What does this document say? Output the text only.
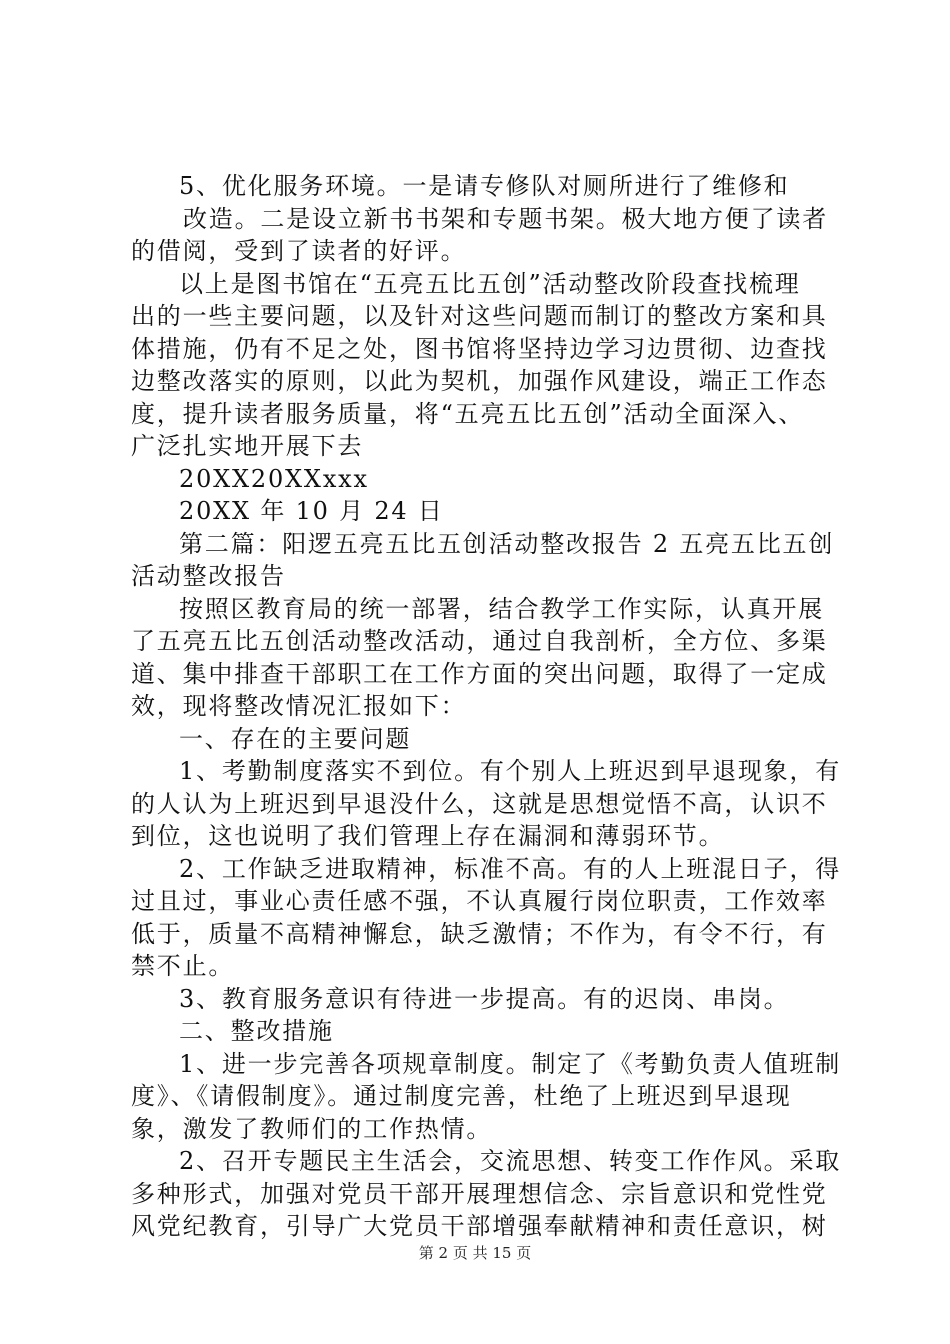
5、优化服务环境。一是请专修队对厕所进行了维修和
改造。二是设立新书书架和专题书架。极大地方便了读者
的借阅，受到了读者的好评。
以上是图书馆在“五亮五比五创”活动整改阶段查找梳理
出的一些主要问题，以及针对这些问题而制订的整改方案和具
体措施，仍有不足之处，图书馆将坚持边学习边贯彻、边查找
边整改落实的原则，以此为契机，加强作风建设，端正工作态
度，提升读者服务质量，将“五亮五比五创”活动全面深入、
广泛扎实地开展下去
20XX20XXxxx
20XX 年 10 月 24 日
第二篇：阳逻五亮五比五创活动整改报告 2 五亮五比五创
活动整改报告
按照区教育局的统一部署，结合教学工作实际，认真开展
了五亮五比五创活动整改活动，通过自我剖析，全方位、多渠
道、集中排查干部职工在工作方面的突出问题，取得了一定成
效，现将整改情况汇报如下：
一、存在的主要问题
1、考勤制度落实不到位。有个别人上班迟到早退现象，有
的人认为上班迟到早退没什么，这就是思想觉悟不高，认识不
到位，这也说明了我们管理上存在漏洞和薄弱环节。
2、工作缺乏进取精神，标准不高。有的人上班混日子，得
过且过，事业心责任感不强，不认真履行岗位职责，工作效率
低于，质量不高精神懈怠，缺乏激情；不作为，有令不行，有
禁不止。
3、教育服务意识有待进一步提高。有的迟岗、串岗。
二、整改措施
1、进一步完善各项规章制度。制定了《考勤负责人值班制
度》、《请假制度》。通过制度完善，杜绝了上班迟到早退现
象，激发了教师们的工作热情。
2、召开专题民主生活会，交流思想、转变工作作风。采取
多种形式，加强对党员干部开展理想信念、宗旨意识和党性党
风党纪教育，引导广大党员干部增强奉献精神和责任意识，树
第 2 页 共 15 页
